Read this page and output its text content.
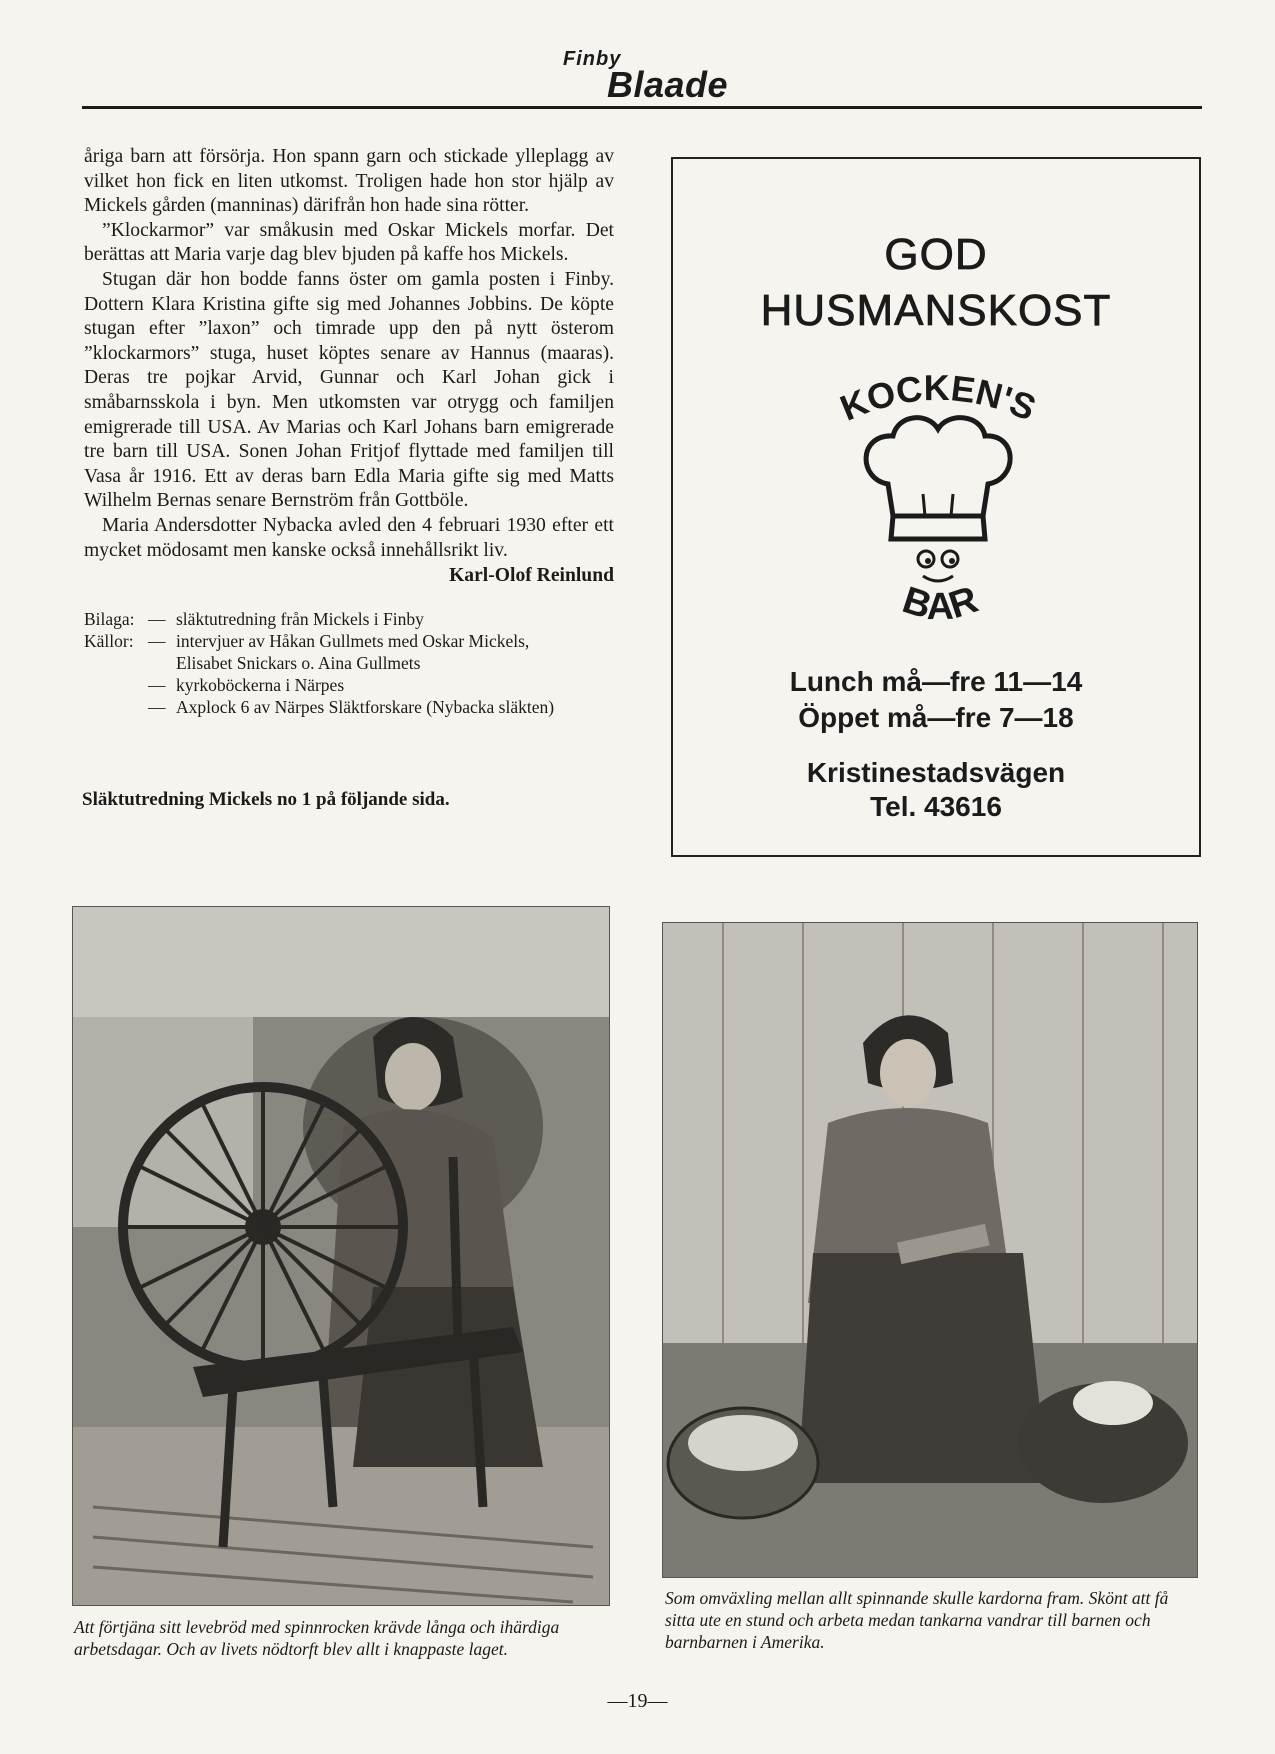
Finby
Blaade

åriga barn att försörja. Hon spann garn och stickade ylleplagg av vilket hon fick en liten utkomst. Troligen hade hon stor hjälp av Mickels gården (manninas) därifrån hon hade sina rötter.

”Klockarmor” var småkusin med Oskar Mickels morfar. Det berättas att Maria varje dag blev bjuden på kaffe hos Mickels.

Stugan där hon bodde fanns öster om gamla posten i Finby. Dottern Klara Kristina gifte sig med Johannes Jobbins. De köpte stugan efter ”laxon” och timrade upp den på nytt österom ”klockarmors” stuga, huset köptes senare av Hannus (maaras). Deras tre pojkar Arvid, Gunnar och Karl Johan gick i småbarnsskola i byn. Men utkomsten var otrygg och familjen emigrerade till USA. Av Marias och Karl Johans barn emigrerade tre barn till USA. Sonen Johan Fritjof flyttade med familjen till Vasa år 1916. Ett av deras barn Edla Maria gifte sig med Matts Wilhelm Bernas senare Bernström från Gottböle.

Maria Andersdotter Nybacka avled den 4 februari 1930 efter ett mycket mödosamt men kanske också innehållsrikt liv.

Karl-Olof Reinlund
Bilaga: — släktutredning från Mickels i Finby
Källor: — intervjuer av Håkan Gullmets med Oskar Mickels,
Elisabet Snickars o. Aina Gullmets
— kyrkoböckerna i Närpes
— Axplock 6 av Närpes Släktforskare (Nybacka släkten)
Släktutredning Mickels no 1 på följande sida.
GOD
HUSMANSKOST
KOCKEN'S
BAR
Lunch må—fre 11—14
Öppet må—fre 7—18
Kristinestadsvägen
Tel. 43616
Att förtjäna sitt levebröd med spinnrocken krävde långa och ihärdiga arbetsdagar. Och av livets nödtorft blev allt i knappaste laget.
Som omväxling mellan allt spinnande skulle kardorna fram. Skönt att få sitta ute en stund och arbeta medan tankarna vandrar till barnen och barnbarnen i Amerika.
—19—
